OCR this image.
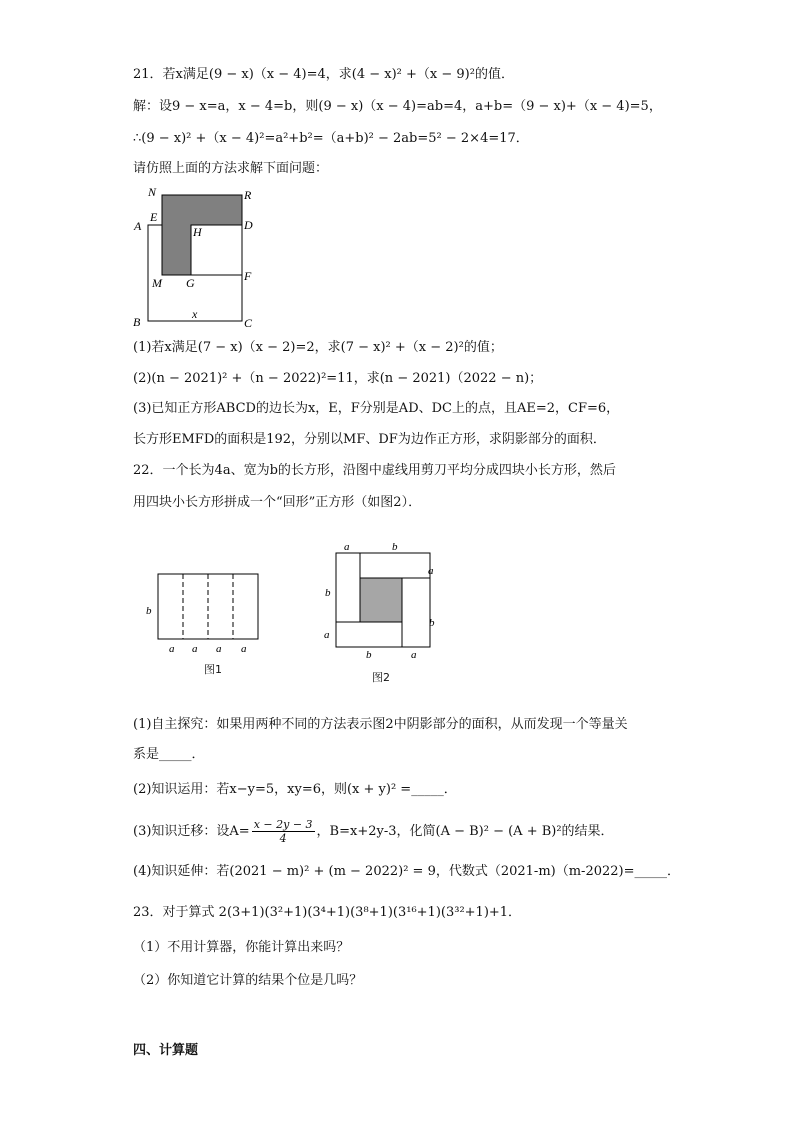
21．若x满足(9 − x)（x − 4)=4，求(4 − x)² +（x − 9)²的值．
解：设9 − x=a，x − 4=b，则(9 − x)（x − 4)=ab=4，a+b=（9 − x)+（x − 4)=5，
∴(9 − x)² +（x − 4)²=a²+b²=（a+b)² − 2ab=5² − 2×4=17．
请仿照上面的方法求解下面问题：
N	R
A
E
D
H
F
M G
B	C
x
(1)若x满足(7 − x)（x − 2)=2，求(7 − x)² +（x − 2)²的值；
(2)(n − 2021)² +（n − 2022)²=11，求(n − 2021)（2022 − n)；
(3)已知正方形ABCD的边长为x，E，F分别是AD、DC上的点，且AE=2，CF=6，
长方形EMFD的面积是192，分别以MF、DF为边作正方形，求阴影部分的面积．
22．一个长为4a、宽为b的长方形，沿图中虚线用剪刀平均分成四块小长方形，然后
用四块小长方形拼成一个“回形”正方形（如图2）．
b
a a a a
图1
a	b
a
b
b
a
b	a
图2
(1)自主探究：如果用两种不同的方法表示图2中阴影部分的面积，从而发现一个等量关
系是_____．
(2)知识运用：若x−y=5，xy=6，则(x + y)² =_____．
(3)知识迁移：设$A= \frac{x - 2y - 3}{4}$ ，B=x+2y-3，化简(A − B)² − (A + B)²的结果．
(4)知识延伸：若(2021 − m)² + (m − 2022)² = 9，代数式（2021-m)（m-2022)=_____．
23．对于算式 2(3+1)(3²+1)(3⁴+1)(3⁸+1)(3¹⁶+1)(3³²+1)+1．
（1）不用计算器，你能计算出来吗？
（2）你知道它计算的结果个位是几吗？
四、计算题
